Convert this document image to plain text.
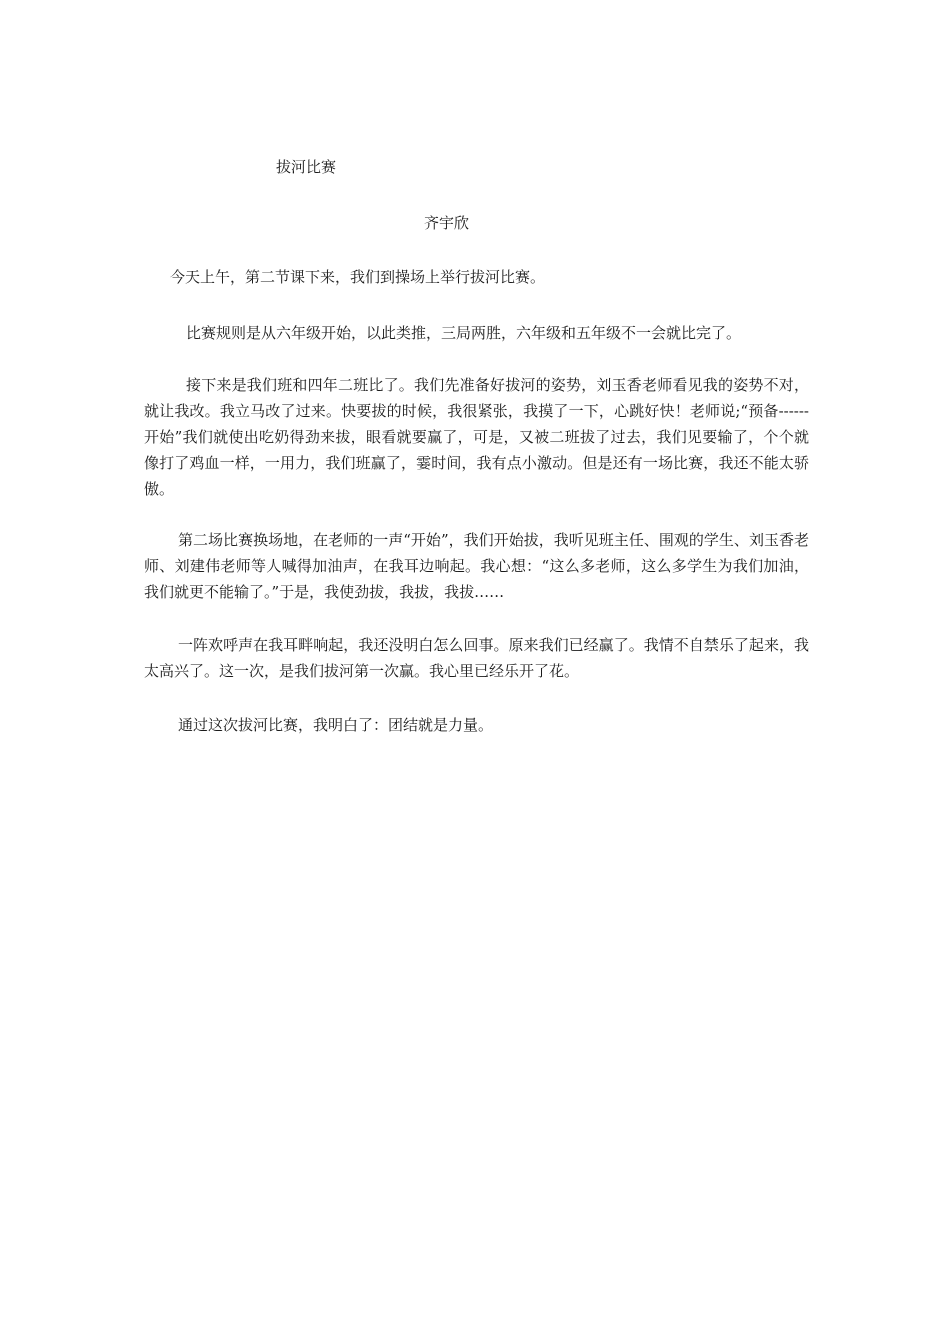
拔河比赛
齐宇欣

今天上午，第二节课下来，我们到操场上举行拔河比赛。

比赛规则是从六年级开始，以此类推，三局两胜，六年级和五年级不一会就比完了。

接下来是我们班和四年二班比了。我们先准备好拔河的姿势，刘玉香老师看见我的姿势不对，就让我改。我立马改了过来。快要拔的时候，我很紧张，我摸了一下，心跳好快！老师说;“预备------开始”我们就使出吃奶得劲来拔，眼看就要赢了，可是，又被二班拔了过去，我们见要输了，个个就像打了鸡血一样，一用力，我们班赢了，霎时间，我有点小激动。但是还有一场比赛，我还不能太骄傲。

第二场比赛换场地，在老师的一声“开始”，我们开始拔，我听见班主任、围观的学生、刘玉香老师、刘建伟老师等人喊得加油声，在我耳边响起。我心想：“这么多老师，这么多学生为我们加油，我们就更不能输了。”于是，我使劲拔，我拔，我拔……

一阵欢呼声在我耳畔响起，我还没明白怎么回事。原来我们已经赢了。我情不自禁乐了起来，我太高兴了。这一次，是我们拔河第一次赢。我心里已经乐开了花。

通过这次拔河比赛，我明白了：团结就是力量。
